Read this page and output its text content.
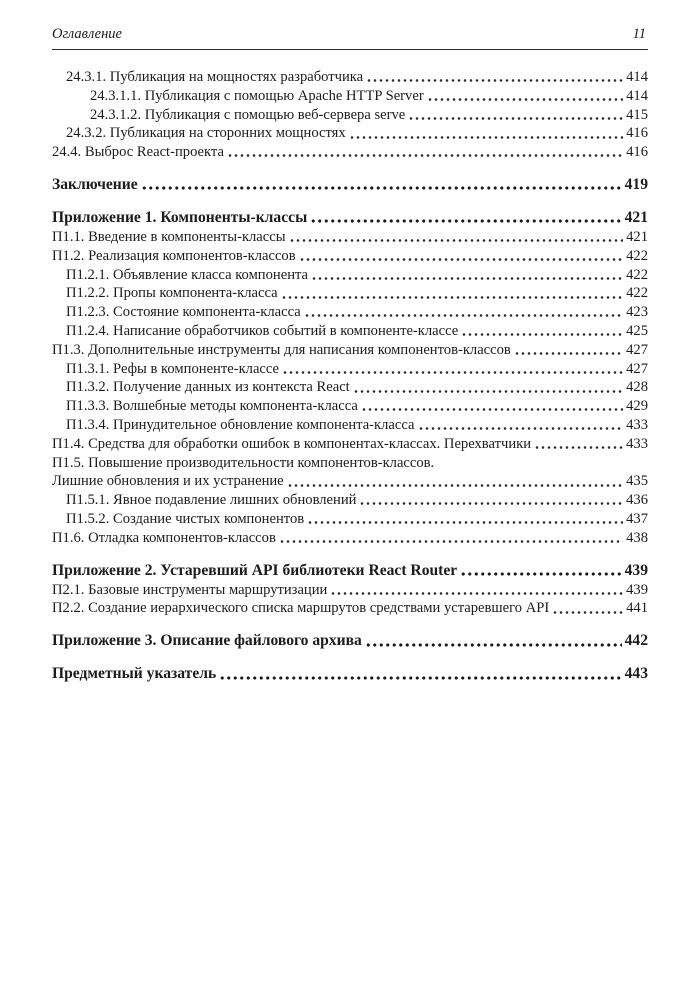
Оглавление	11
24.3.1. Публикация на мощностях разработчика	414
24.3.1.1. Публикация с помощью Apache HTTP Server	414
24.3.1.2. Публикация с помощью веб-сервера serve	415
24.3.2. Публикация на сторонних мощностях	416
24.4. Выброс React-проекта	416
Заключение	419
Приложение 1. Компоненты-классы	421
П1.1. Введение в компоненты-классы	421
П1.2. Реализация компонентов-классов	422
П1.2.1. Объявление класса компонента	422
П1.2.2. Пропы компонента-класса	422
П1.2.3. Состояние компонента-класса	423
П1.2.4. Написание обработчиков событий в компоненте-классе	425
П1.3. Дополнительные инструменты для написания компонентов-классов	427
П1.3.1. Рефы в компоненте-классе	427
П1.3.2. Получение данных из контекста React	428
П1.3.3. Волшебные методы компонента-класса	429
П1.3.4. Принудительное обновление компонента-класса	433
П1.4. Средства для обработки ошибок в компонентах-классах. Перехватчики	433
П1.5. Повышение производительности компонентов-классов.
Лишние обновления и их устранение	435
П1.5.1. Явное подавление лишних обновлений	436
П1.5.2. Создание чистых компонентов	437
П1.6. Отладка компонентов-классов	438
Приложение 2. Устаревший API библиотеки React Router	439
П2.1. Базовые инструменты маршрутизации	439
П2.2. Создание иерархического списка маршрутов средствами устаревшего API	441
Приложение 3. Описание файлового архива	442
Предметный указатель	443
